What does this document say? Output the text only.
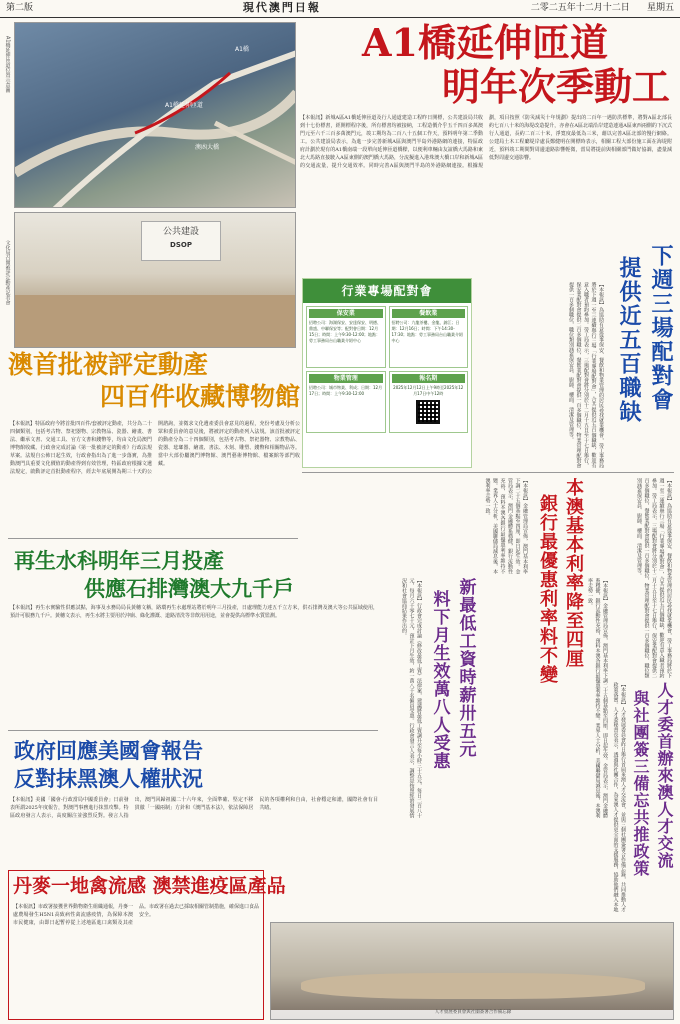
第二版	現代澳門日報	二零二五年十二月十二日 星期五
A1橋延伸匝道位置示意圖	A1橋
A1橋延伸匝道
澳凼大橋
A1橋延伸匝道
明年次季動工
【本報訊】新城A區A1橋延伸匝道及行人通道建造工程昨日開標，公共建設局共收到十七份標書，經開標程序後，所有標書均被接納，工程造價介乎五千四百多萬澳門元至六千三百多萬澳門元，竣工期均為二百八十五個工作天，預料明年第二季動工。公共建設局表示，為進一步完善新城A區與澳門半島外港路網的連接，特區政府計劃於現有的A1橋南端一段單向延伸匝道橋樑，以便利車輛由友誼橋大馬路和東北大馬路直接駛入A區東側的澳門橋大馬路，分流擬進入港珠澳大橋口岸和新城A區的交通流量，提升交通效率。同時完善A區與澳門半島的外港路網連接。根據規劃，項目按照《防災減災十年規劃》提出的二百年一遇防洪標準，將對A區北部長約七百八十米的海堤改造提升，亦會在A區北端沿岸建造連通A區東西兩側的下沉式行人通道，長約二百三十米，淨寬度最低為三米，藉以完善A區北部的慢行網絡。公建局土木工程廳堤岸處長鄭健明在開標時表示，相關工程大部份施工面在海堤附近，預料竣工期間對周邊道路影響輕微，當局將提前與相關部門做好協調，盡量減低對周邊交通影響。
文化局召開被評定動產記者會
公共建設
DSOP
澳首批被評定動產
四百件收藏博物館
【本報訊】特區政府今將首批四百件/套被評定動產，共分為二十四個類別，包括考古物、祭祀器物、宗教物品、瓷器、繪畫、書法、繼承文書、交通工具、官方文書和錢幣等，均由文化局澳門博物館收藏。行政會完成討論《第一批被評定的動產》行政法規草案。法規自公佈日起生效，行政會指出為了進一步落實，為推動澳門具重要文化價值的動產得到有效管理，特區政府根據文遺法規定，啟動評定首批動產程序，經去年底展開為期三十天的公開諮詢，並徵求文化遺產委員會意見的過程，充份考慮及分析公眾和委員會的意見後，將被評定的動產列入法規。該首批被評定的動產分為二十四個類別，包括考古物、祭祀器物、宗教物品、瓷器、琺瑯器、繪畫、書法、木刻、雕塑、錢幣和相關物品等。當中大部份屬澳門博物館、澳門藝術博物館、檔案館等部門收藏。
再生水科明年三月投產
供應石排灣澳大九千戶
【本報訊】再生水實驗性供應試點，海事及水務局局長黃穗文稱，路環再生水處理站將於明年三月投產，日處理能力達五千立方米，供石排灣及澳大等公共區域使用，預計可服務九千戶。黃穗文表示，再生水將主要用於沖廁、綠化灌溉、道路清洗等非飲用用途，並會提供高標準水質監測。
政府回應美國會報告
反對抹黑澳人權狀況
【本報訊】美國「國會-行政當局中國委員會」日前發表所謂2025年度報告，對澳門事務進行抹黑攻擊。特區政府發言人表示，高度關注並強烈反對。發言人指出，澳門回歸祖國二十六年來，全面準確、堅定不移貫徹「一國兩制」方針和《澳門基本法》，依法保障居民的各項權利和自由，社會穩定和諧，國際社會有目共睹。
丹麥一地禽流感 澳禁進疫區產品
【本報訊】市政署接獲世界動物衛生組織通報，丹麥一處農場發生H5N1高致病性禽流感疫情，為保障本澳市民健康，由即日起暫停從上述地區進口禽類及其產品。市政署在過去已採取相關管制措施，確保進口食品安全。
行業專場配對會
保安業
招聘公司：海湖保安、安達保安、明德、鼎盛、中聯保安等；配對會日期：12月15日；時間：上午9:30-12:00；地點：勞工事務局台山職業介紹中心
餐飲業
招聘公司：九龍茶樓、金龍、錦江；日期：12月16日；時間：下午14:30-17:30；地點：勞工事務局台山職業介紹中心
物業管理
招聘公司：城市物業、利成；日期：12月17日；時間：上午9:30-12:00
報名期
2025年12月12日上午9時至2025年12月17日中午12時	下週三場配對會
提供近五百職缺
【本報訊】為協助有意從事保安、餐飲和物業管理的居民尋找就業機會，勞工事務局將於下週一至三連續舉行三場「行業專場配對會」，合共提供近五百個職缺，歡迎有意入職者預約參加。勞工局表示，三場配對會將分別於十二月十五日至十七日舉行，保安業配對會提供二百多個職位，餐飲業配對會提供一百多個職位，物業管理配對會提供一百多個職位，職位類別涵蓋保安員、廚師、樓面、清潔及管理等。
本澳基本利率降至四厘
銀行最優惠利率料不變
【本報訊】金融管理局宣佈，澳門基本利率下調二十五個基點至四厘，即日起生效。金管局表示，澳門金融體系穩健，銀行流動性充裕，預料本澳各銀行最優惠利率維持不變。業界人士分析，美國聯儲局減息後，本澳利率走勢一致。	【本報訊】為協助有意從事保安、餐飲和物業管理的居民尋找就業機會，勞工事務局將於下週一至三連續舉行三場「行業專場配對會」，合共提供近五百個職缺，歡迎有意入職者預約參加。勞工局表示，三場配對會將分別於十二月十五日至十七日舉行，保安業配對會提供二百多個職位，餐飲業配對會提供一百多個職位，物業管理配對會提供一百多個職位，職位類別涵蓋保安員、廚師、樓面、清潔及管理等。
新最低工資時薪卅五元
料下月生效萬八人受惠
【本報訊】行政會完成討論《修改最低工資》法律案，建議將最低工資調升至每小時三十五元，每日二百八十元，每月六千零七十元，預計下月生效，約一萬八千名僱員受惠。行政會發言人表示，調整是按照經濟發展情況和社會協商結果作出的。	【本報訊】金融管理局宣佈，澳門基本利率下調二十五個基點至四厘，即日起生效。金管局表示，澳門金融體系穩健，銀行流動性充裕，預料本澳各銀行最優惠利率維持不變。業界人士分析，美國聯儲局減息後，本澳利率走勢一致。
人才委首辦來澳人才交流
與社團簽三備忘共推政策
【本報訊】人才發展委員會昨日舉行首屆來澳人才交流會，並與三個社團簽署合作備忘錄，共同推動人才政策落實。人才委秘書長表示，透過與社團合作，為來澳人才提供更全面的支援服務，協助他們融入本地
人才發展委員會與社團簽署合作備忘錄
